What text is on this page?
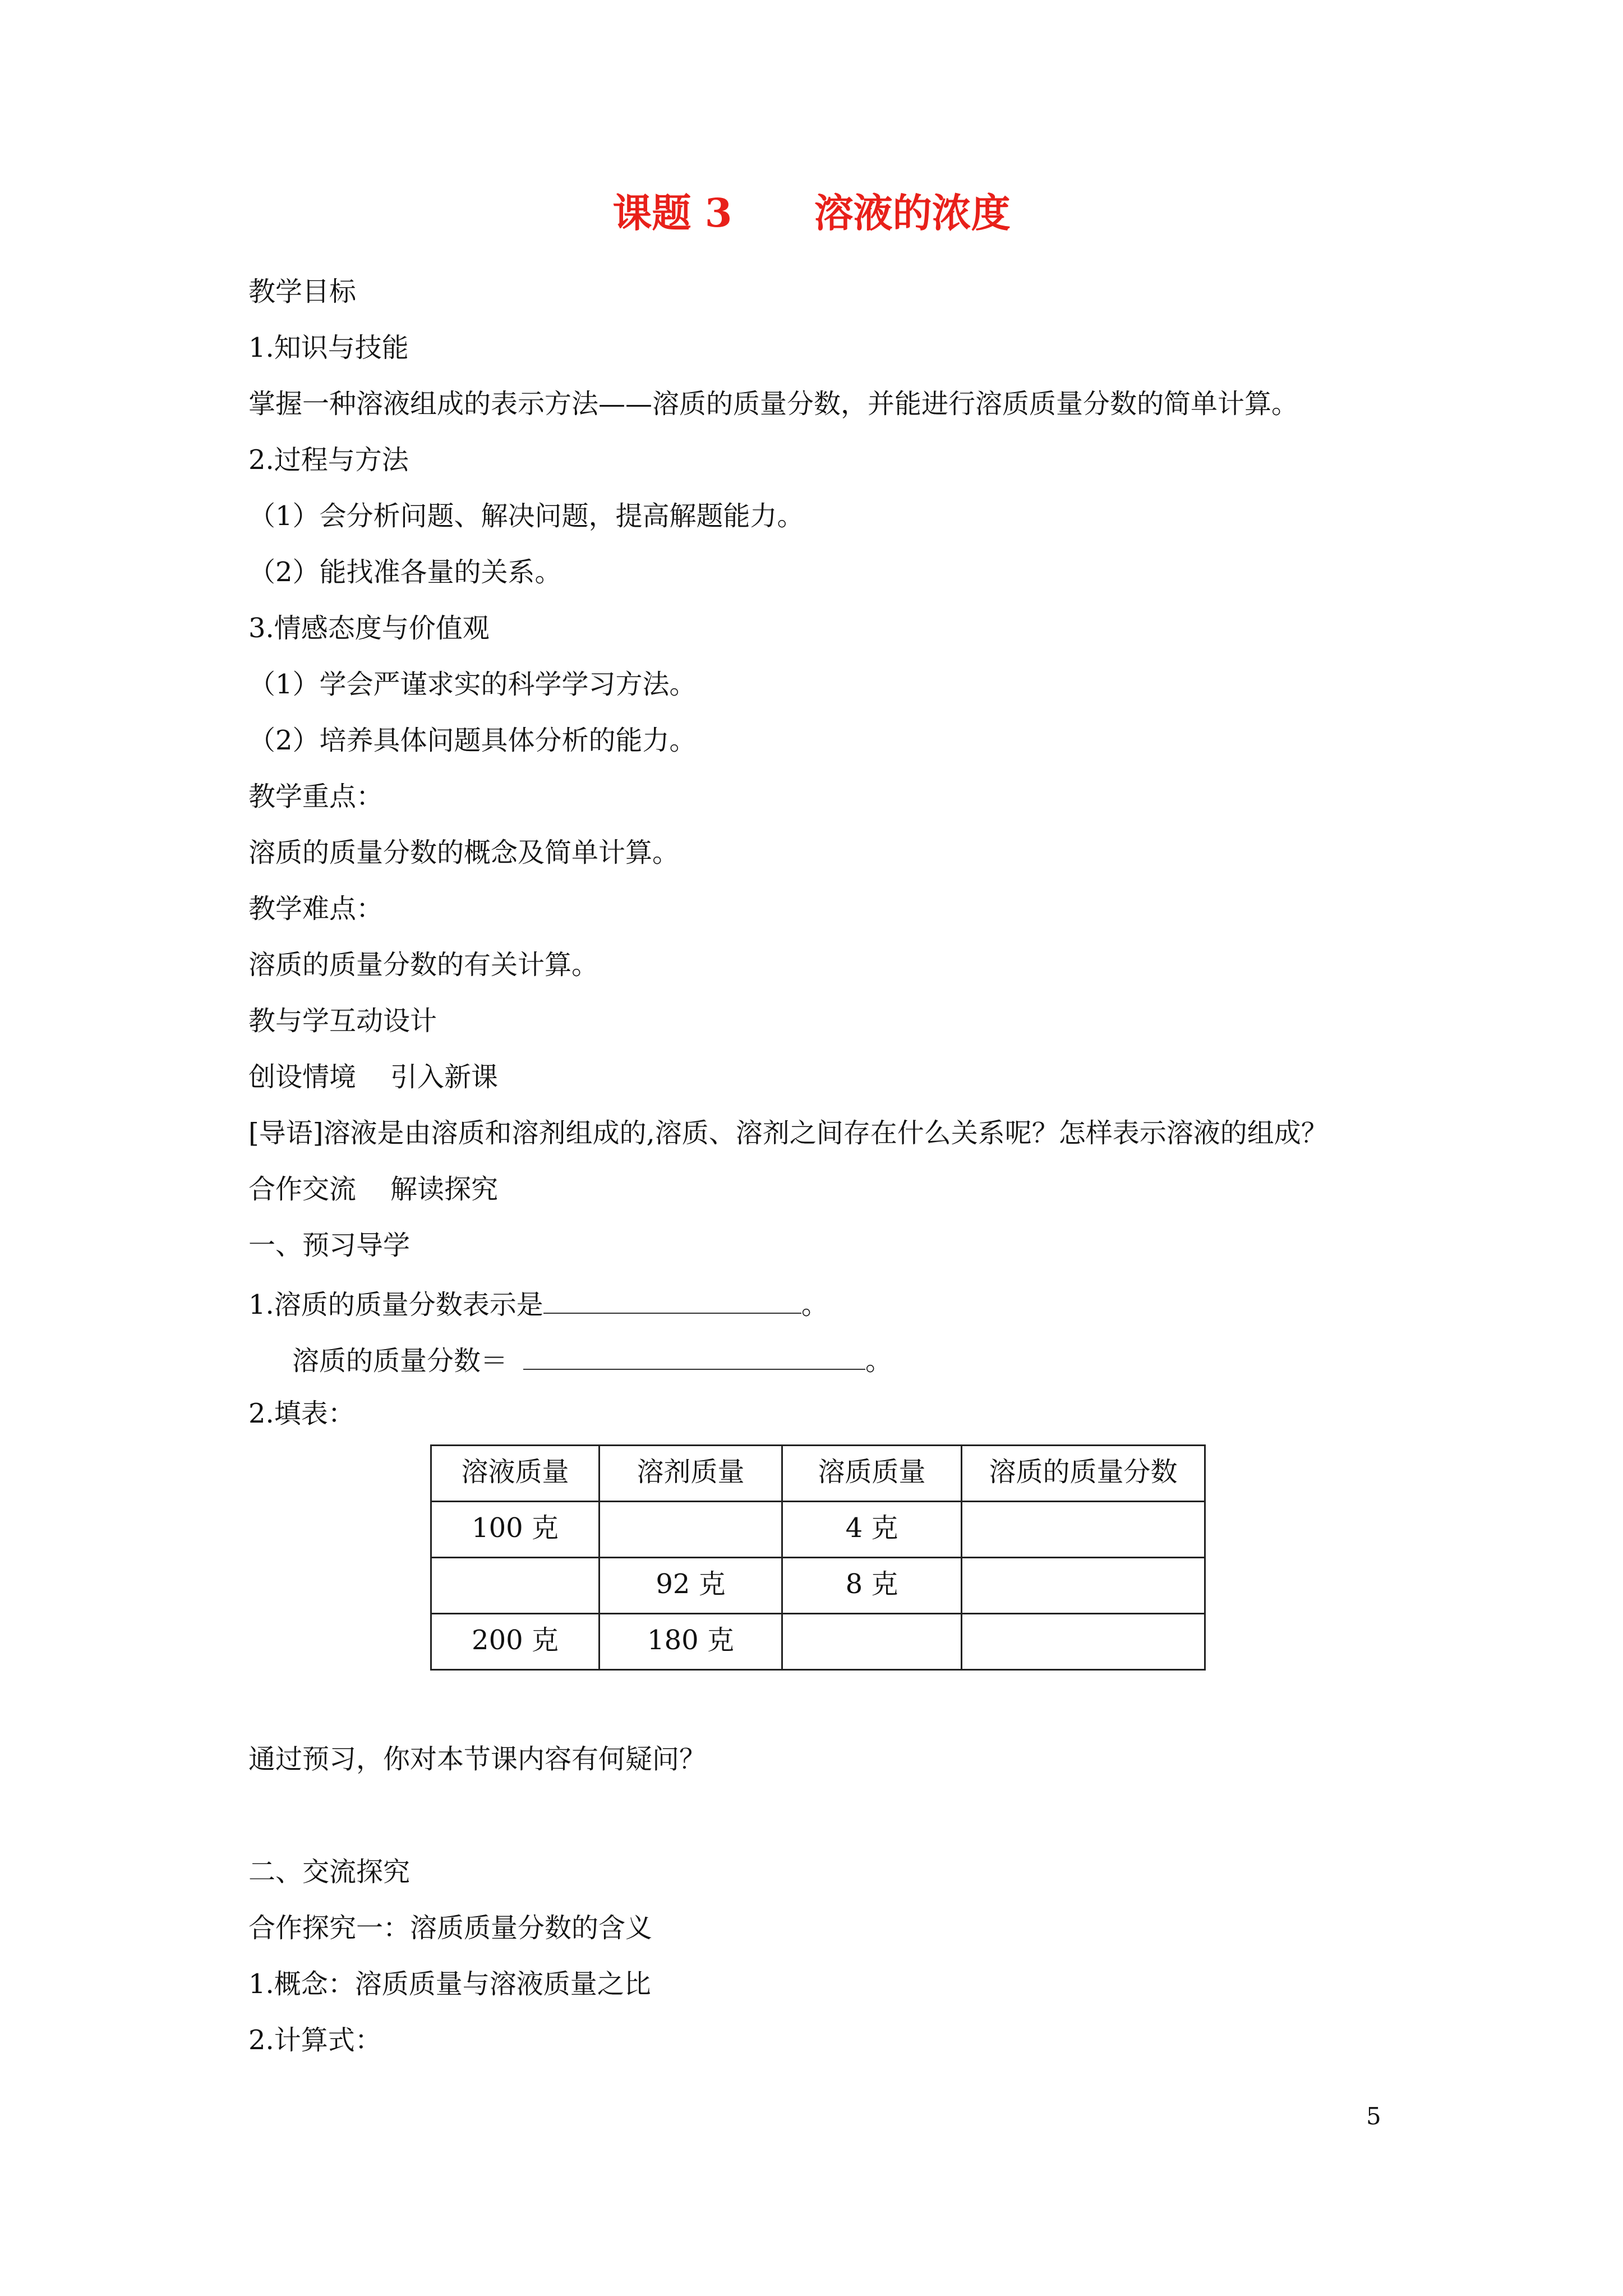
课题 3      溶液的浓度
教学目标
1.知识与技能
掌握一种溶液组成的表示方法——溶质的质量分数，并能进行溶质质量分数的简单计算。
2.过程与方法
（1）会分析问题、解决问题，提高解题能力。
（2）能找准各量的关系。
3.情感态度与价值观
（1）学会严谨求实的科学学习方法。
（2）培养具体问题具体分析的能力。
教学重点：
溶质的质量分数的概念及简单计算。
教学难点：
溶质的质量分数的有关计算。
教与学互动设计
创设情境    引入新课
[导语]溶液是由溶质和溶剂组成的,溶质、溶剂之间存在什么关系呢？怎样表示溶液的组成？
合作交流    解读探究
一、预习导学
1.溶质的质量分数表示是	。
溶质的质量分数＝	。
2.填表：
溶液质量	溶剂质量	溶质质量	溶质的质量分数

100 克		4 克	

	92 克	8 克	

200 克	180 克		

通过预习，你对本节课内容有何疑问？
二、交流探究
合作探究一：溶质质量分数的含义
1.概念：溶质质量与溶液质量之比
2.计算式：
5
